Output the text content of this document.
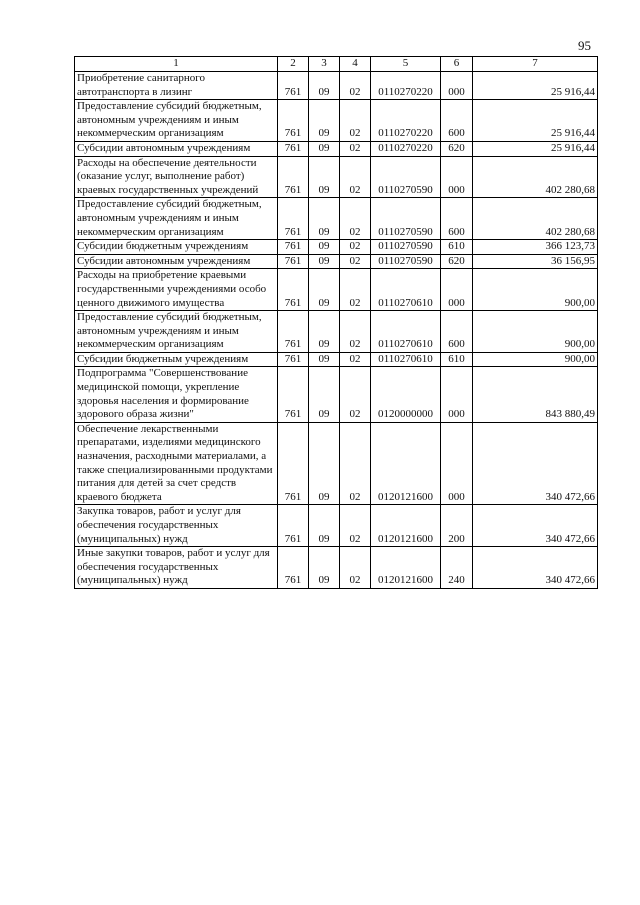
95
1	2	3	4	5	6	7
Приобретение санитарного автотранспорта в лизинг	761	09	02	0110270220	000	25 916,44
Предоставление субсидий бюджетным, автономным учреждениям и иным некоммерческим организациям	761	09	02	0110270220	600	25 916,44
Субсидии автономным учреждениям	761	09	02	0110270220	620	25 916,44
Расходы на обеспечение деятельности (оказание услуг, выполнение работ) краевых государственных учреждений	761	09	02	0110270590	000	402 280,68
Предоставление субсидий бюджетным, автономным учреждениям и иным некоммерческим организациям	761	09	02	0110270590	600	402 280,68
Субсидии бюджетным учреждениям	761	09	02	0110270590	610	366 123,73
Субсидии автономным учреждениям	761	09	02	0110270590	620	36 156,95
Расходы на приобретение краевыми государственными учреждениями особо ценного движимого имущества	761	09	02	0110270610	000	900,00
Предоставление субсидий бюджетным, автономным учреждениям и иным некоммерческим организациям	761	09	02	0110270610	600	900,00
Субсидии бюджетным учреждениям	761	09	02	0110270610	610	900,00
Подпрограмма "Совершенствование медицинской помощи, укрепление здоровья населения и формирование здорового образа жизни"	761	09	02	0120000000	000	843 880,49
Обеспечение лекарственными препаратами, изделиями медицинского назначения, расходными материалами, а также специализированными продуктами питания для детей за счет средств краевого бюджета	761	09	02	0120121600	000	340 472,66
Закупка товаров, работ и услуг для обеспечения государственных (муниципальных) нужд	761	09	02	0120121600	200	340 472,66
Иные закупки товаров, работ и услуг для обеспечения государственных (муниципальных) нужд	761	09	02	0120121600	240	340 472,66
